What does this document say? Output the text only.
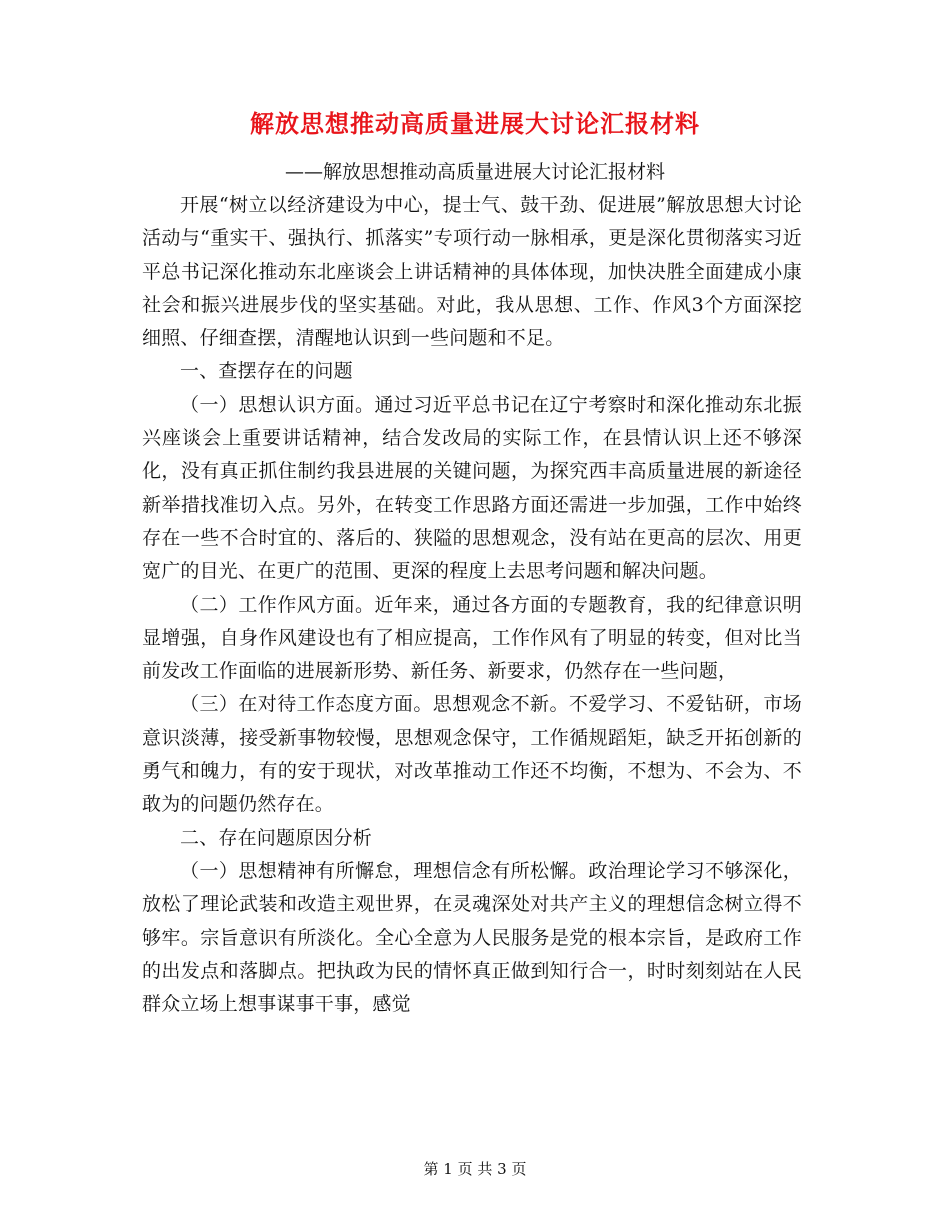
解放思想推动高质量进展大讨论汇报材料
——解放思想推动高质量进展大讨论汇报材料

开展“树立以经济建设为中心，提士气、鼓干劲、促进展”解放思想大讨论活动与“重实干、强执行、抓落实”专项行动一脉相承，更是深化贯彻落实习近平总书记深化推动东北座谈会上讲话精神的具体体现，加快决胜全面建成小康社会和振兴进展步伐的坚实基础。对此，我从思想、工作、作风3个方面深挖细照、仔细查摆，清醒地认识到一些问题和不足。

一、查摆存在的问题

（一）思想认识方面。通过习近平总书记在辽宁考察时和深化推动东北振兴座谈会上重要讲话精神，结合发改局的实际工作，在县情认识上还不够深化，没有真正抓住制约我县进展的关键问题，为探究西丰高质量进展的新途径新举措找准切入点。另外，在转变工作思路方面还需进一步加强，工作中始终存在一些不合时宜的、落后的、狭隘的思想观念，没有站在更高的层次、用更宽广的目光、在更广的范围、更深的程度上去思考问题和解决问题。

（二）工作作风方面。近年来，通过各方面的专题教育，我的纪律意识明显增强，自身作风建设也有了相应提高，工作作风有了明显的转变，但对比当前发改工作面临的进展新形势、新任务、新要求，仍然存在一些问题，

（三）在对待工作态度方面。思想观念不新。不爱学习、不爱钻研，市场意识淡薄，接受新事物较慢，思想观念保守，工作循规蹈矩，缺乏开拓创新的勇气和魄力，有的安于现状，对改革推动工作还不均衡，不想为、不会为、不敢为的问题仍然存在。

二、存在问题原因分析

（一）思想精神有所懈怠，理想信念有所松懈。政治理论学习不够深化，放松了理论武装和改造主观世界，在灵魂深处对共产主义的理想信念树立得不够牢。宗旨意识有所淡化。全心全意为人民服务是党的根本宗旨，是政府工作的出发点和落脚点。把执政为民的情怀真正做到知行合一，时时刻刻站在人民群众立场上想事谋事干事，感觉

第 1 页 共 3 页
